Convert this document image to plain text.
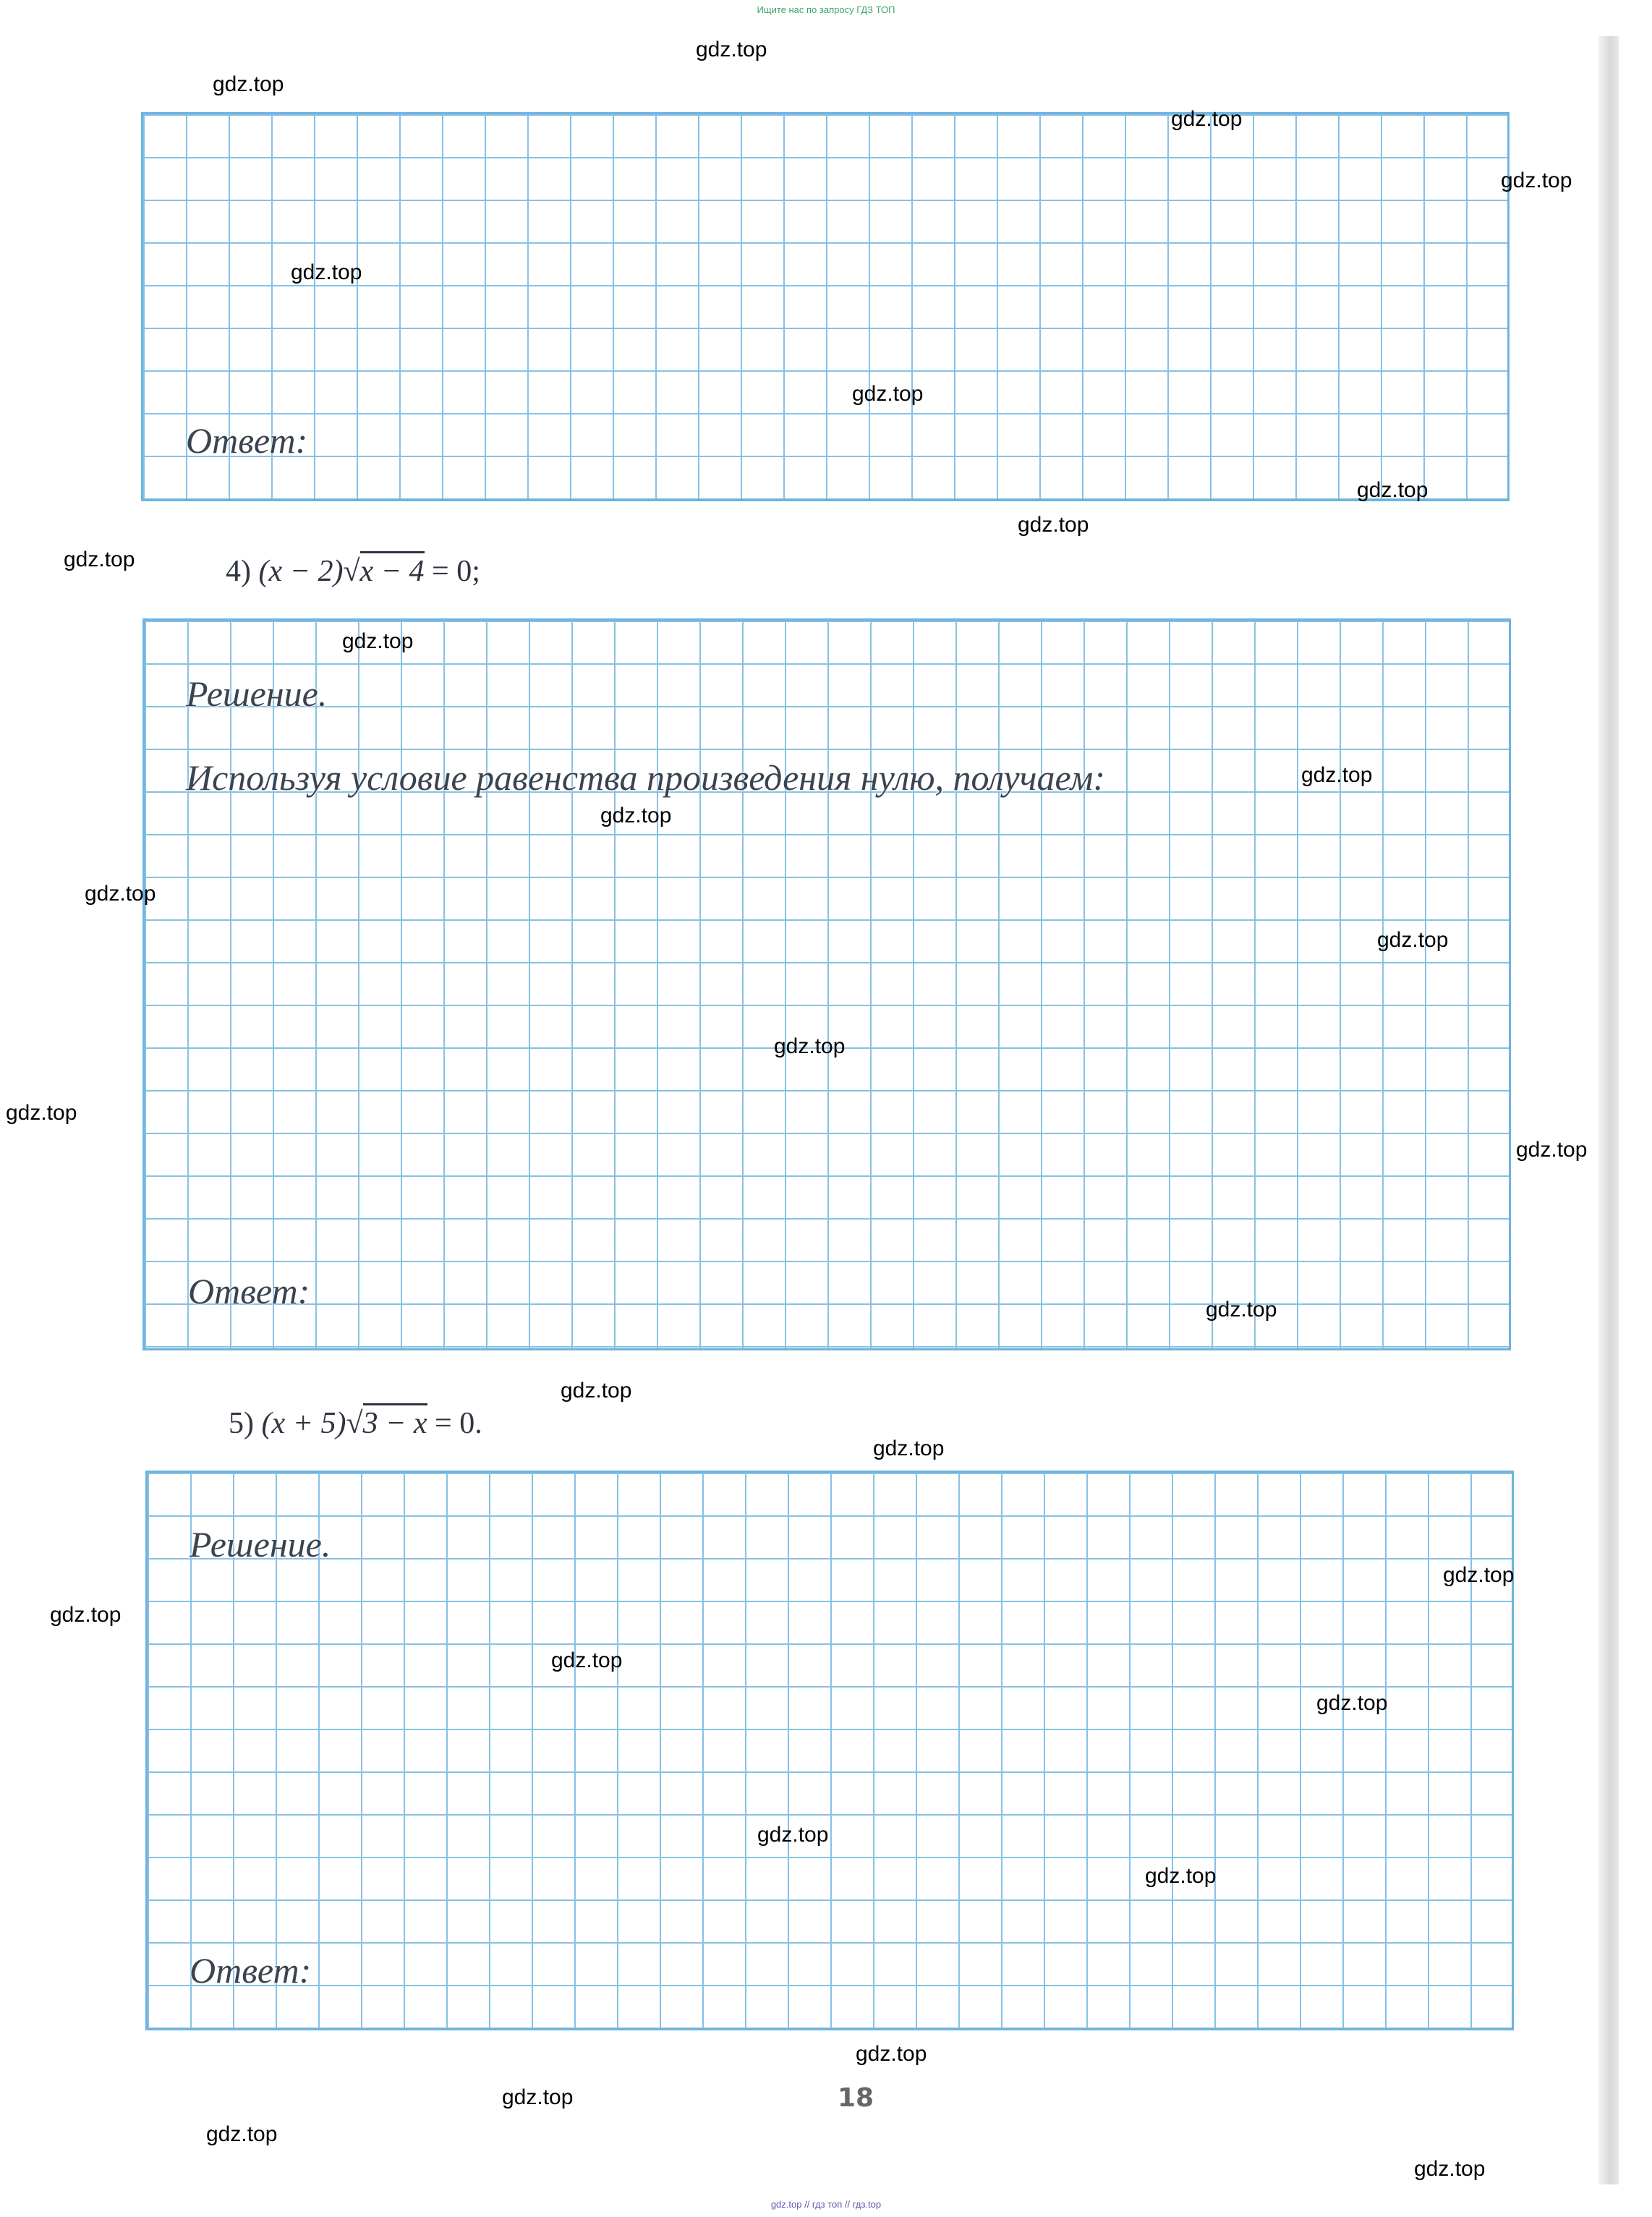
Ищите нас по запросу ГДЗ ТОП
Ответ:
4) (x − 2)√x − 4 = 0;
Решение.
Используя условие равенства произведения нулю, получаем:
Ответ:
5) (x + 5)√3 − x = 0.
Решение.
Ответ:
18
gdz.top
gdz.top
gdz.top
gdz.top
gdz.top
gdz.top
gdz.top
gdz.top
gdz.top
gdz.top
gdz.top
gdz.top
gdz.top
gdz.top
gdz.top
gdz.top
gdz.top
gdz.top
gdz.top
gdz.top
gdz.top
gdz.top
gdz.top
gdz.top
gdz.top
gdz.top
gdz.top
gdz.top
gdz.top
gdz.top
gdz.top // гдз топ // гдз.top
